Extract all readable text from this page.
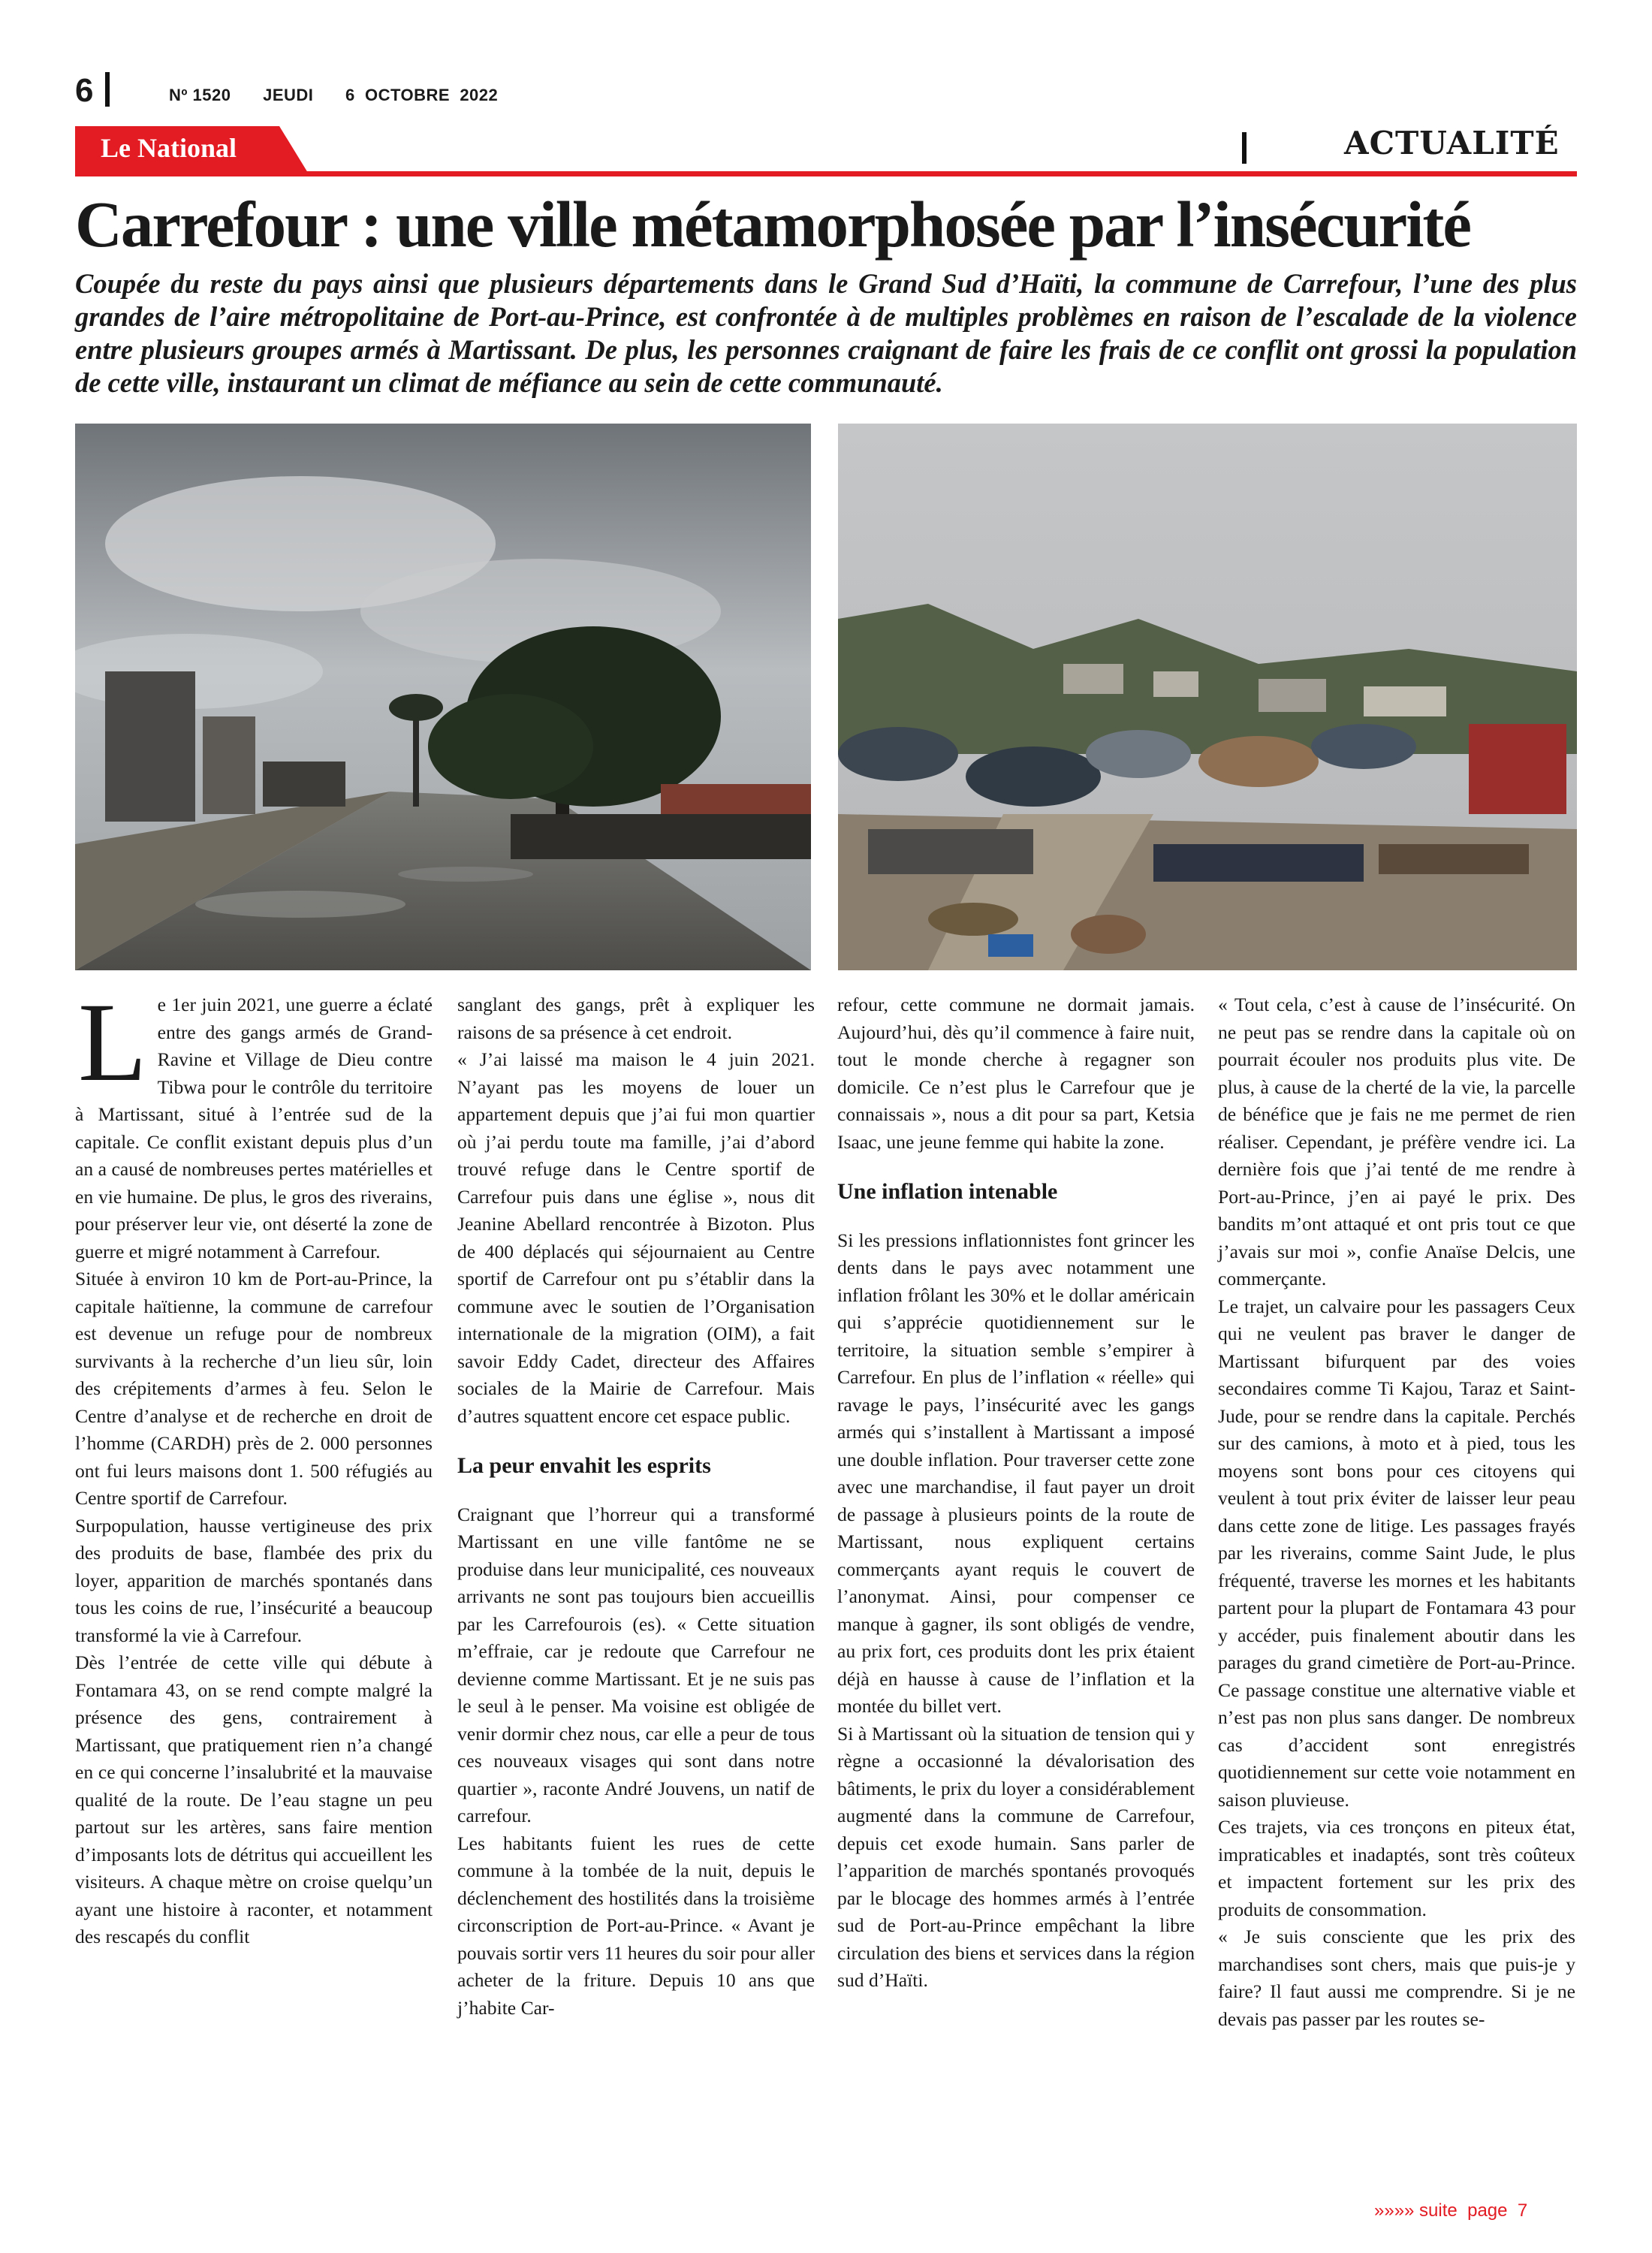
6	Nº 1520 JEUDI 6  OCTOBRE  2022
Le National	ACTUALITÉ
Carrefour : une ville métamorphosée par l’insécurité
Coupée du reste du pays ainsi que plusieurs départements dans le Grand Sud d’Haïti, la commune de Carrefour, l’une des plus grandes de l’aire métropolitaine de Port-au-Prince, est confrontée à de multiples problèmes en raison de l’escalade de la violence entre plusieurs groupes armés à Martissant. De plus, les personnes craignant de faire les frais de ce conflit ont grossi la population de cette ville, instaurant un climat de méfiance au sein de cette communauté.
L e 1er juin 2021, une guerre a éclaté entre des gangs armés de Grand-Ravine et Village de Dieu contre Tibwa pour le contrôle du territoire à Martissant, situé à l’entrée sud de la capitale. Ce conflit existant depuis plus d’un an a causé de nombreuses pertes matérielles et en vie humaine. De plus, le gros des riverains, pour préserver leur vie, ont déserté la zone de guerre et migré notamment à Carrefour.

Située à environ 10 km de Port-au-Prince, la capitale haïtienne, la commune de carrefour est devenue un refuge pour de nombreux survivants à la recherche d’un lieu sûr, loin des crépitements d’armes à feu. Selon le Centre d’analyse et de recherche en droit de l’homme (CARDH) près de 2. 000 personnes ont fui leurs maisons dont 1. 500 réfugiés au Centre sportif de Carrefour.

Surpopulation, hausse vertigineuse des prix des produits de base, flambée des prix du loyer, apparition de marchés spontanés dans tous les coins de rue, l’insécurité a beaucoup transformé la vie à Carrefour.

Dès l’entrée de cette ville qui débute à Fontamara 43, on se rend compte malgré la présence des gens, contrairement à Martissant, que pratiquement rien n’a changé en ce qui concerne l’insalubrité et la mauvaise qualité de la route. De l’eau stagne un peu partout sur les artères, sans faire mention d’imposants lots de détritus qui accueillent les visiteurs. A chaque mètre on croise quelqu’un ayant une histoire à raconter, et notamment des rescapés du conflit

sanglant des gangs, prêt à expliquer les raisons de sa présence à cet endroit.

« J’ai laissé ma maison le 4 juin 2021. N’ayant pas les moyens de louer un appartement depuis que j’ai fui mon quartier où j’ai perdu toute ma famille, j’ai d’abord trouvé refuge dans le Centre sportif de Carrefour puis dans une église », nous dit Jeanine Abellard rencontrée à Bizoton. Plus de 400 déplacés qui séjournaient au Centre sportif de Carrefour ont pu s’établir dans la commune avec le soutien de l’Organisation internationale de la migration (OIM), a fait savoir Eddy Cadet, directeur des Affaires sociales de la Mairie de Carrefour. Mais d’autres squattent encore cet espace public.

La peur envahit les esprits

Craignant que l’horreur qui a transformé Martissant en une ville fantôme ne se produise dans leur municipalité, ces nouveaux arrivants ne sont pas toujours bien accueillis par les Carrefourois (es). « Cette situation m’effraie, car je redoute que Carrefour ne devienne comme Martissant. Et je ne suis pas le seul à le penser. Ma voisine est obligée de venir dormir chez nous, car elle a peur de tous ces nouveaux visages qui sont dans notre quartier », raconte André Jouvens, un natif de carrefour.

Les habitants fuient les rues de cette commune à la tombée de la nuit, depuis le déclenchement des hostilités dans la troisième circonscription de Port-au-Prince. « Avant je pouvais sortir vers 11 heures du soir pour aller acheter de la friture. Depuis 10 ans que j’habite Car-

refour, cette commune ne dormait jamais. Aujourd’hui, dès qu’il commence à faire nuit, tout le monde cherche à regagner son domicile. Ce n’est plus le Carrefour que je connaissais », nous a dit pour sa part, Ketsia Isaac, une jeune femme qui habite la zone.

Une inflation intenable

Si les pressions inflationnistes font grincer les dents dans le pays avec notamment une inflation frôlant les 30% et le dollar américain qui s’apprécie quotidiennement sur le territoire, la situation semble s’empirer à Carrefour. En plus de l’inflation « réelle» qui ravage le pays, l’insécurité avec les gangs armés qui s’installent à Martissant a imposé une double inflation. Pour traverser cette zone avec une marchandise, il faut payer un droit de passage à plusieurs points de la route de Martissant, nous expliquent certains commerçants ayant requis le couvert de l’anonymat. Ainsi, pour compenser ce manque à gagner, ils sont obligés de vendre, au prix fort, ces produits dont les prix étaient déjà en hausse à cause de l’inflation et la montée du billet vert.

Si à Martissant où la situation de tension qui y règne a occasionné la dévalorisation des bâtiments, le prix du loyer a considérablement augmenté dans la commune de Carrefour, depuis cet exode humain. Sans parler de l’apparition de marchés spontanés provoqués par le blocage des hommes armés à l’entrée sud de Port-au-Prince empêchant la libre circulation des biens et services dans la région sud d’Haïti.

« Tout cela, c’est à cause de l’insécurité. On ne peut pas se rendre dans la capitale où on pourrait écouler nos produits plus vite. De plus, à cause de la cherté de la vie, la parcelle de bénéfice que je fais ne me permet de rien réaliser. Cependant, je préfère vendre ici. La dernière fois que j’ai tenté de me rendre à Port-au-Prince, j’en ai payé le prix. Des bandits m’ont attaqué et ont pris tout ce que j’avais sur moi », confie Anaïse Delcis, une commerçante.

Le trajet, un calvaire pour les passagers Ceux qui ne veulent pas braver le danger de Martissant bifurquent par des voies secondaires comme Ti Kajou, Taraz et Saint- Jude, pour se rendre dans la capitale. Perchés sur des camions, à moto et à pied, tous les moyens sont bons pour ces citoyens qui veulent à tout prix éviter de laisser leur peau dans cette zone de litige. Les passages frayés par les riverains, comme Saint Jude, le plus fréquenté, traverse les mornes et les habitants partent pour la plupart de Fontamara 43 pour y accéder, puis finalement aboutir dans les parages du grand cimetière de Port-au-Prince. Ce passage constitue une alternative viable et n’est pas non plus sans danger. De nombreux cas d’accident sont enregistrés quotidiennement sur cette voie notamment en saison pluvieuse.

Ces trajets, via ces tronçons en piteux état, impraticables et inadaptés, sont très coûteux et impactent fortement sur les prix des produits de consommation.

« Je suis consciente que les prix des marchandises sont chers, mais que puis-je y faire? Il faut aussi me comprendre. Si je ne devais pas passer par les routes se-

»»»» suite  page  7
